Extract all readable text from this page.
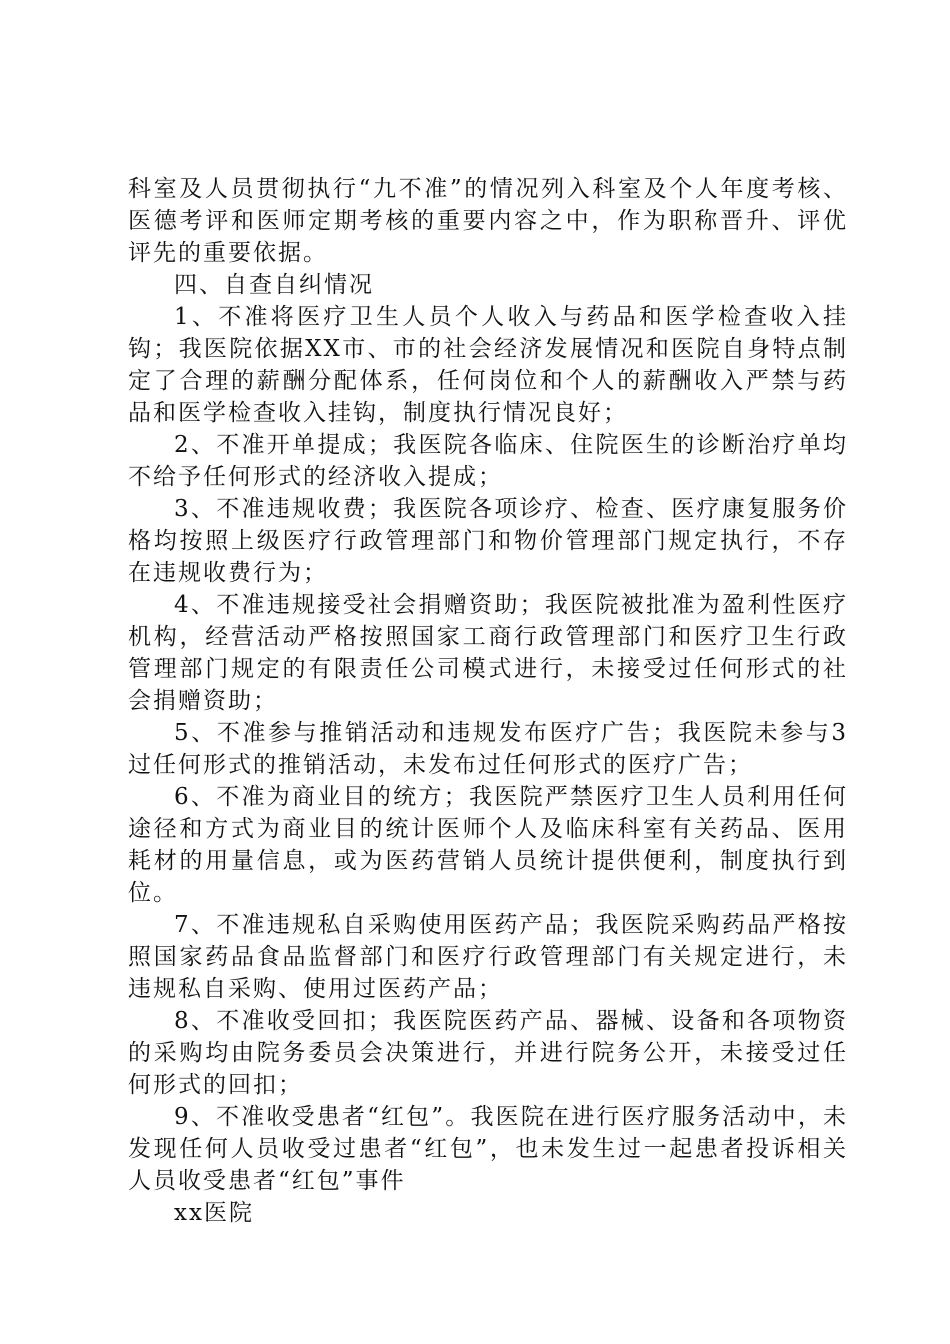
科室及人员贯彻执行“九不准”的情况列入科室及个人年度考核、医德考评和医师定期考核的重要内容之中，作为职称晋升、评优评先的重要依据。

四、自查自纠情况

1、不准将医疗卫生人员个人收入与药品和医学检查收入挂钩；我医院依据XX市、市的社会经济发展情况和医院自身特点制定了合理的薪酬分配体系，任何岗位和个人的薪酬收入严禁与药品和医学检查收入挂钩，制度执行情况良好；

2、不准开单提成；我医院各临床、住院医生的诊断治疗单均不给予任何形式的经济收入提成；

3、不准违规收费；我医院各项诊疗、检查、医疗康复服务价格均按照上级医疗行政管理部门和物价管理部门规定执行，不存在违规收费行为；

4、不准违规接受社会捐赠资助；我医院被批准为盈利性医疗机构，经营活动严格按照国家工商行政管理部门和医疗卫生行政管理部门规定的有限责任公司模式进行，未接受过任何形式的社会捐赠资助；

5、不准参与推销活动和违规发布医疗广告；我医院未参与3过任何形式的推销活动，未发布过任何形式的医疗广告；

6、不准为商业目的统方；我医院严禁医疗卫生人员利用任何途径和方式为商业目的统计医师个人及临床科室有关药品、医用耗材的用量信息，或为医药营销人员统计提供便利，制度执行到位。

7、不准违规私自采购使用医药产品；我医院采购药品严格按照国家药品食品监督部门和医疗行政管理部门有关规定进行，未违规私自采购、使用过医药产品；

8、不准收受回扣；我医院医药产品、器械、设备和各项物资的采购均由院务委员会决策进行，并进行院务公开，未接受过任何形式的回扣；

9、不准收受患者“红包”。我医院在进行医疗服务活动中，未发现任何人员收受过患者“红包”，也未发生过一起患者投诉相关人员收受患者“红包”事件

xx医院
